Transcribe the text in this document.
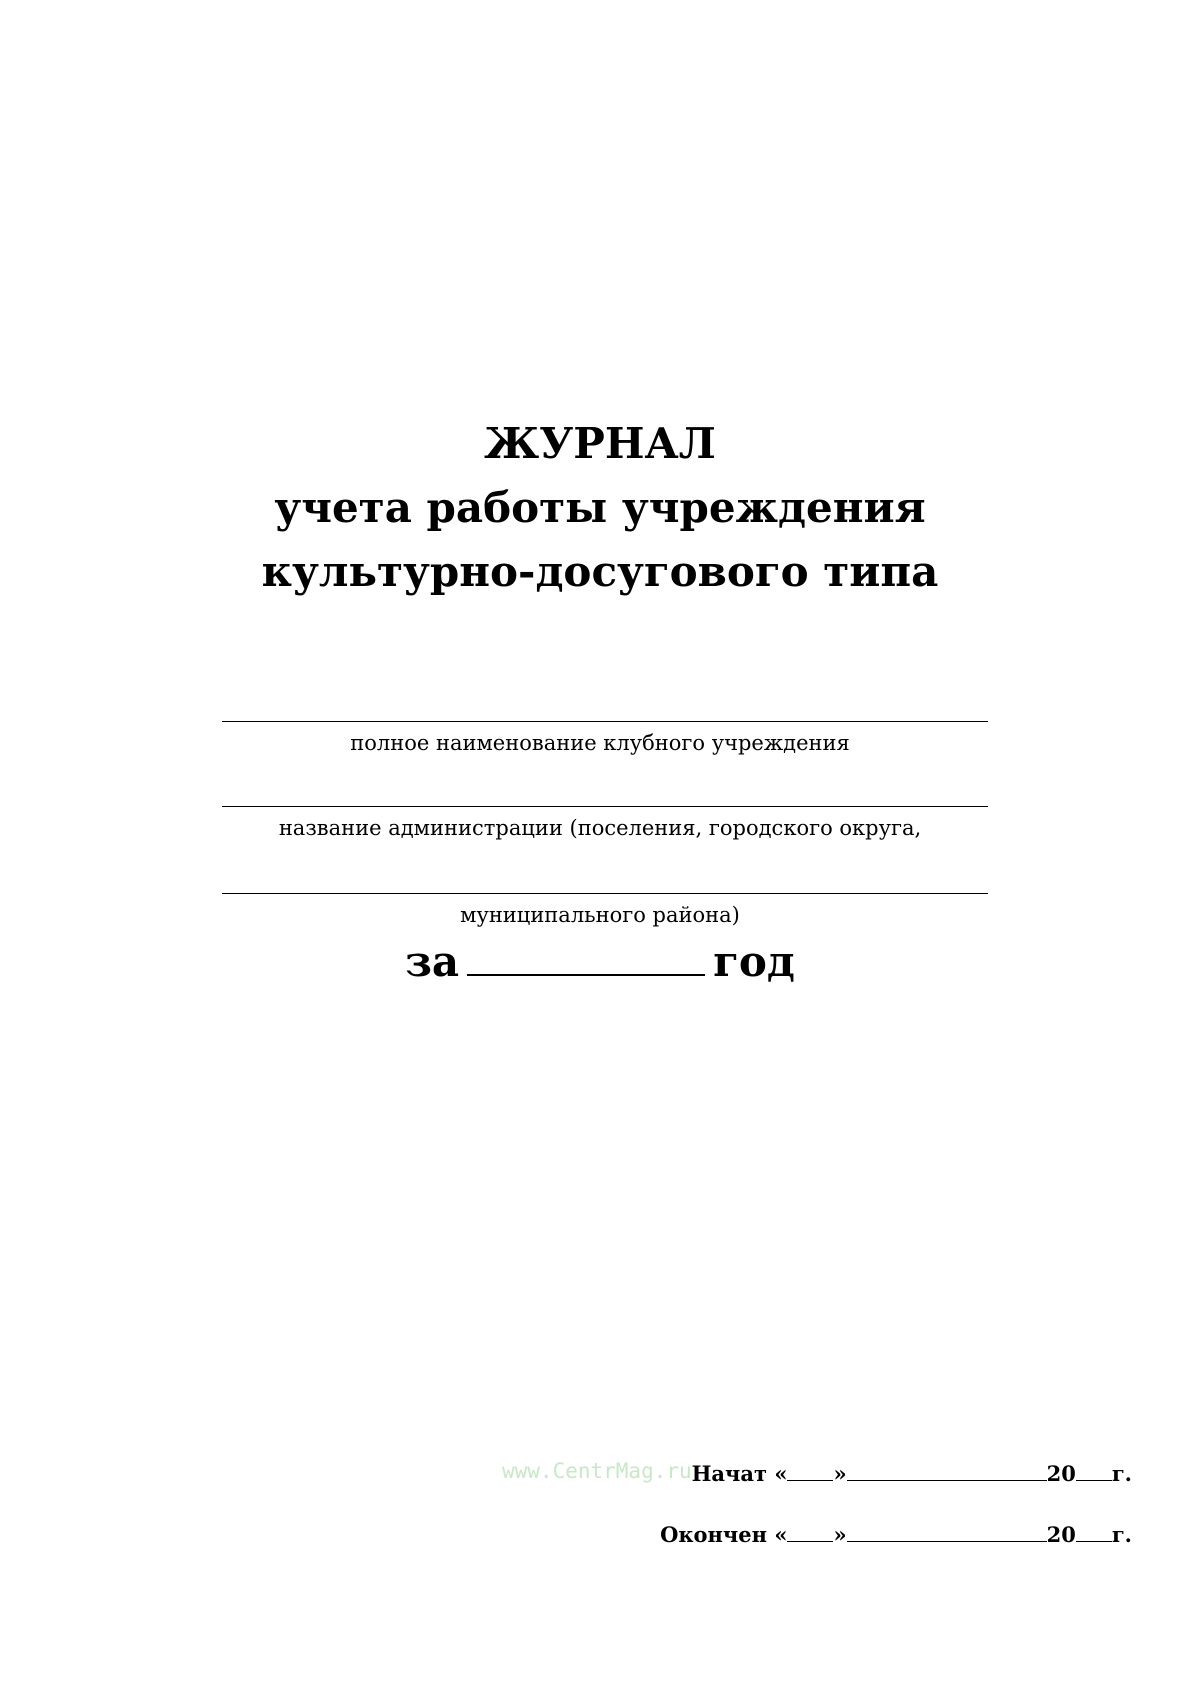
ЖУРНАЛ
учета работы учреждения
культурно-досугового типа
полное наименование клубного учреждения
название администрации (поселения, городского округа,
муниципального района)
за	год
www.CentrMag.ru Начат « »	20 г.
Окончен « »	20 г.
